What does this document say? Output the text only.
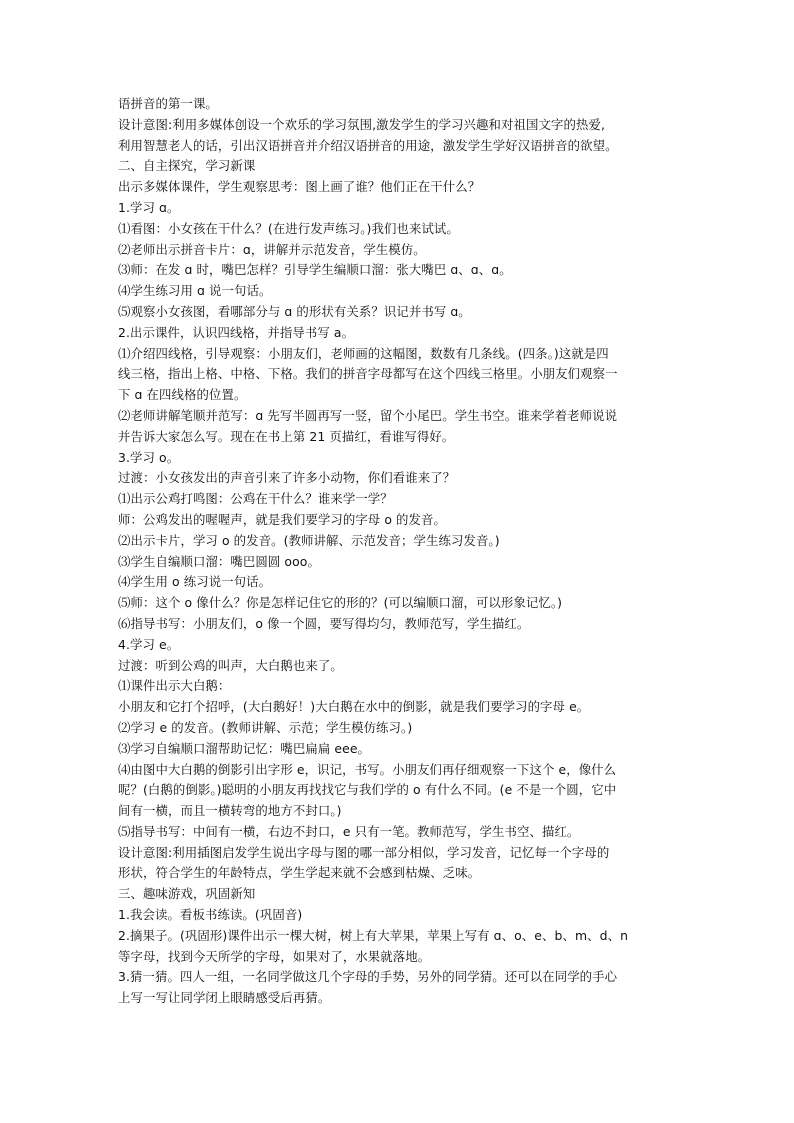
语拼音的第一课。
设计意图:利用多媒体创设一个欢乐的学习氛围,激发学生的学习兴趣和对祖国文字的热爱,
利用智慧老人的话，引出汉语拼音并介绍汉语拼音的用途，激发学生学好汉语拼音的欲望。
二、自主探究，学习新课
出示多媒体课件，学生观察思考：图上画了谁？他们正在干什么？
1.学习 ɑ。
⑴看图：小女孩在干什么？(在进行发声练习。)我们也来试试。
⑵老师出示拼音卡片：ɑ，讲解并示范发音，学生模仿。
⑶师：在发 ɑ 时，嘴巴怎样？引导学生编顺口溜：张大嘴巴 ɑ、ɑ、ɑ。
⑷学生练习用 ɑ 说一句话。
⑸观察小女孩图，看哪部分与 ɑ 的形状有关系？识记并书写 ɑ。
2.出示课件，认识四线格，并指导书写 a。
⑴介绍四线格，引导观察：小朋友们，老师画的这幅图，数数有几条线。(四条。)这就是四
线三格，指出上格、中格、下格。我们的拼音字母都写在这个四线三格里。小朋友们观察一
下 ɑ 在四线格的位置。
⑵老师讲解笔顺并范写：ɑ 先写半圆再写一竖，留个小尾巴。学生书空。谁来学着老师说说
并告诉大家怎么写。现在在书上第 21 页描红，看谁写得好。
3.学习 o。
过渡：小女孩发出的声音引来了许多小动物，你们看谁来了？
⑴出示公鸡打鸣图：公鸡在干什么？谁来学一学？
师：公鸡发出的喔喔声，就是我们要学习的字母 o 的发音。
⑵出示卡片，学习 o 的发音。(教师讲解、示范发音；学生练习发音。)
⑶学生自编顺口溜：嘴巴圆圆 ooo。
⑷学生用 o 练习说一句话。
⑸师：这个 o 像什么？你是怎样记住它的形的？(可以编顺口溜，可以形象记忆。)
⑹指导书写：小朋友们，o 像一个圆，要写得均匀，教师范写，学生描红。
4.学习 e。
过渡：听到公鸡的叫声，大白鹅也来了。
⑴课件出示大白鹅：
小朋友和它打个招呼，(大白鹅好！)大白鹅在水中的倒影，就是我们要学习的字母 e。
⑵学习 e 的发音。(教师讲解、示范；学生模仿练习。)
⑶学习自编顺口溜帮助记忆：嘴巴扁扁 eee。
⑷由图中大白鹅的倒影引出字形 e，识记，书写。小朋友们再仔细观察一下这个 e，像什么
呢？(白鹅的倒影。)聪明的小朋友再找找它与我们学的 o 有什么不同。(e 不是一个圆，它中
间有一横，而且一横转弯的地方不封口。)
⑸指导书写：中间有一横，右边不封口，e 只有一笔。教师范写，学生书空、描红。
设计意图:利用插图启发学生说出字母与图的哪一部分相似，学习发音，记忆每一个字母的
形状，符合学生的年龄特点，学生学起来就不会感到枯燥、乏味。
三、趣味游戏，巩固新知
1.我会读。看板书练读。(巩固音)
2.摘果子。(巩固形)课件出示一棵大树，树上有大苹果，苹果上写有 ɑ、o、e、b、m、d、n
等字母，找到今天所学的字母，如果对了，水果就落地。
3.猜一猜。四人一组，一名同学做这几个字母的手势，另外的同学猜。还可以在同学的手心
上写一写让同学闭上眼睛感受后再猜。
